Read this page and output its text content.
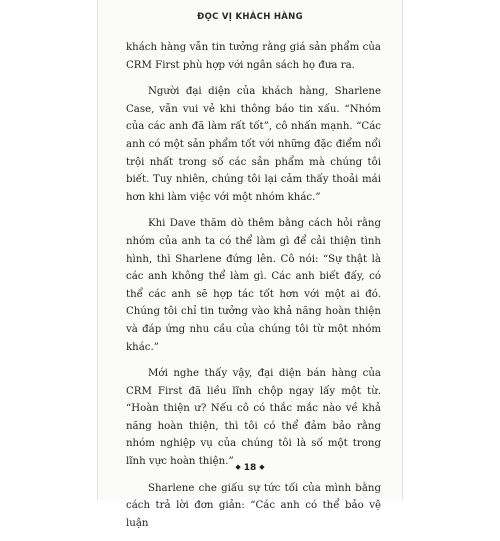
ĐỌC VỊ KHÁCH HÀNG

khách hàng vẫn tin tưởng rằng giá sản phẩm của CRM First phù hợp với ngân sách họ đưa ra.

Người đại diện của khách hàng, Sharlene Case, vẫn vui vẻ khi thông báo tin xấu. “Nhóm của các anh đã làm rất tốt”, cô nhấn mạnh. “Các anh có một sản phẩm tốt với những đặc điểm nổi trội nhất trong số các sản phẩm mà chúng tôi biết. Tuy nhiên, chúng tôi lại cảm thấy thoải mái hơn khi làm việc với một nhóm khác.”

Khi Dave thăm dò thêm bằng cách hỏi rằng nhóm của anh ta có thể làm gì để cải thiện tình hình, thì Sharlene đứng lên. Cô nói: “Sự thật là các anh không thể làm gì. Các anh biết đấy, có thể các anh sẽ hợp tác tốt hơn với một ai đó. Chúng tôi chỉ tin tưởng vào khả năng hoàn thiện và đáp ứng nhu cầu của chúng tôi từ một nhóm khác.”

Mới nghe thấy vậy, đại diện bán hàng của CRM First đã liều lĩnh chộp ngay lấy một từ. “Hoàn thiện ư? Nếu cô có thắc mắc nào về khả năng hoàn thiện, thì tôi có thể đảm bảo rằng nhóm nghiệp vụ của chúng tôi là số một trong lĩnh vực hoàn thiện.”

Sharlene che giấu sự tức tối của mình bằng cách trả lời đơn giản: “Các anh có thể bảo vệ luận

◆ 18 ◆
